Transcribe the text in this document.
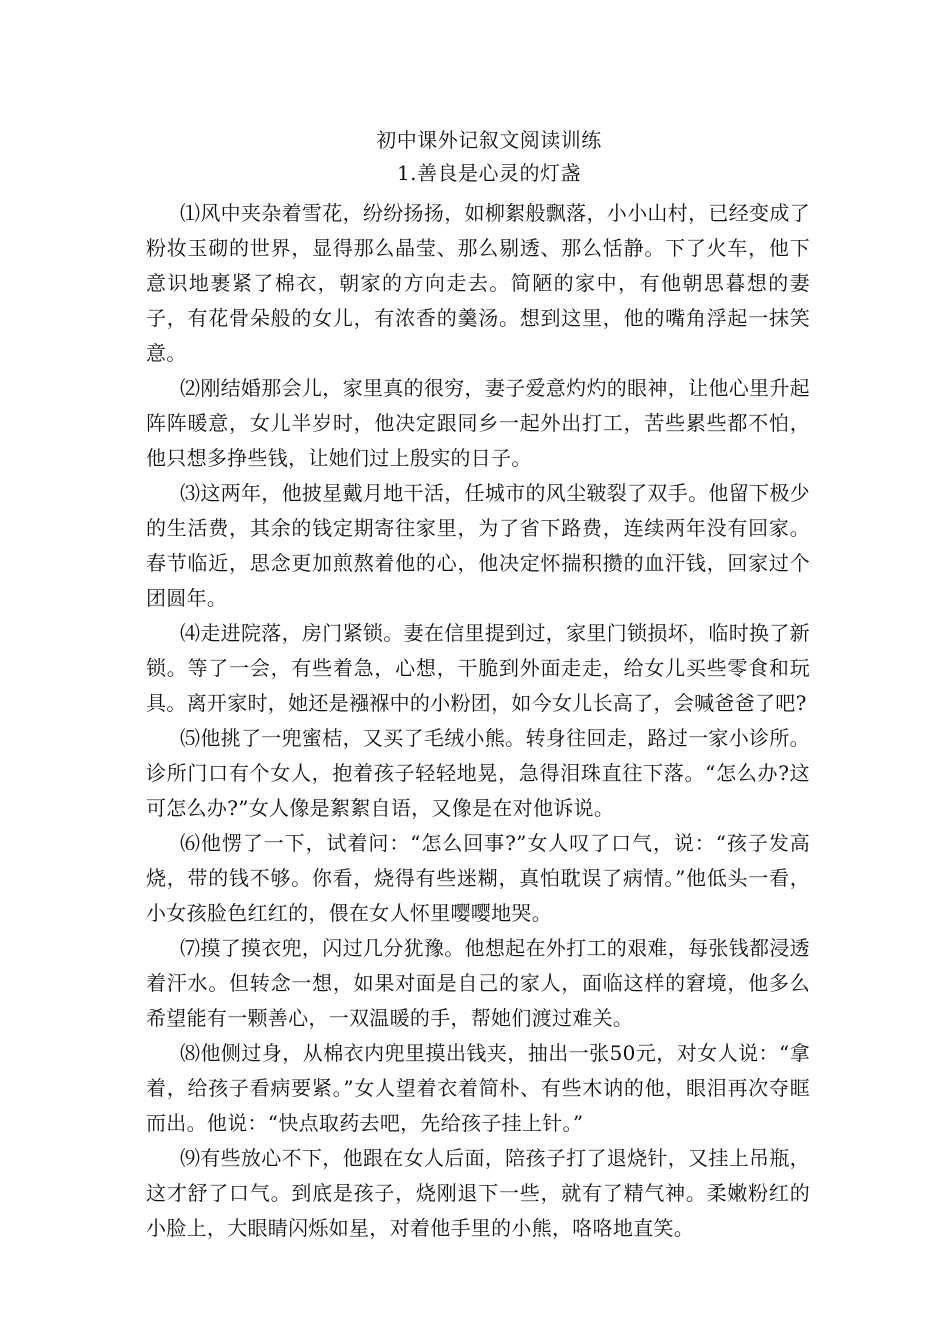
初中课外记叙文阅读训练
1.善良是心灵的灯盏

⑴风中夹杂着雪花，纷纷扬扬，如柳絮般飘落，小小山村，已经变成了粉妆玉砌的世界，显得那么晶莹、那么剔透、那么恬静。下了火车，他下意识地裹紧了棉衣，朝家的方向走去。简陋的家中，有他朝思暮想的妻子，有花骨朵般的女儿，有浓香的羹汤。想到这里，他的嘴角浮起一抹笑意。

⑵刚结婚那会儿，家里真的很穷，妻子爱意灼灼的眼神，让他心里升起阵阵暖意，女儿半岁时，他决定跟同乡一起外出打工，苦些累些都不怕，他只想多挣些钱，让她们过上殷实的日子。

⑶这两年，他披星戴月地干活，任城市的风尘皲裂了双手。他留下极少的生活费，其余的钱定期寄往家里，为了省下路费，连续两年没有回家。春节临近，思念更加煎熬着他的心，他决定怀揣积攒的血汗钱，回家过个团圆年。

⑷走进院落，房门紧锁。妻在信里提到过，家里门锁损坏，临时换了新锁。等了一会，有些着急，心想，干脆到外面走走，给女儿买些零食和玩具。离开家时，她还是襁褓中的小粉团，如今女儿长高了，会喊爸爸了吧?

⑸他挑了一兜蜜桔，又买了毛绒小熊。转身往回走，路过一家小诊所。诊所门口有个女人，抱着孩子轻轻地晃，急得泪珠直往下落。“怎么办?这可怎么办?”女人像是絮絮自语，又像是在对他诉说。

⑹他愣了一下，试着问：“怎么回事?”女人叹了口气，说：“孩子发高烧，带的钱不够。你看，烧得有些迷糊，真怕耽误了病情。”他低头一看，小女孩脸色红红的，偎在女人怀里嘤嘤地哭。

⑺摸了摸衣兜，闪过几分犹豫。他想起在外打工的艰难，每张钱都浸透着汗水。但转念一想，如果对面是自己的家人，面临这样的窘境，他多么希望能有一颗善心，一双温暖的手，帮她们渡过难关。

⑻他侧过身，从棉衣内兜里摸出钱夹，抽出一张50元，对女人说：“拿着，给孩子看病要紧。”女人望着衣着简朴、有些木讷的他，眼泪再次夺眶而出。他说：“快点取药去吧，先给孩子挂上针。”

⑼有些放心不下，他跟在女人后面，陪孩子打了退烧针，又挂上吊瓶，这才舒了口气。到底是孩子，烧刚退下一些，就有了精气神。柔嫩粉红的小脸上，大眼睛闪烁如星，对着他手里的小熊，咯咯地直笑。
